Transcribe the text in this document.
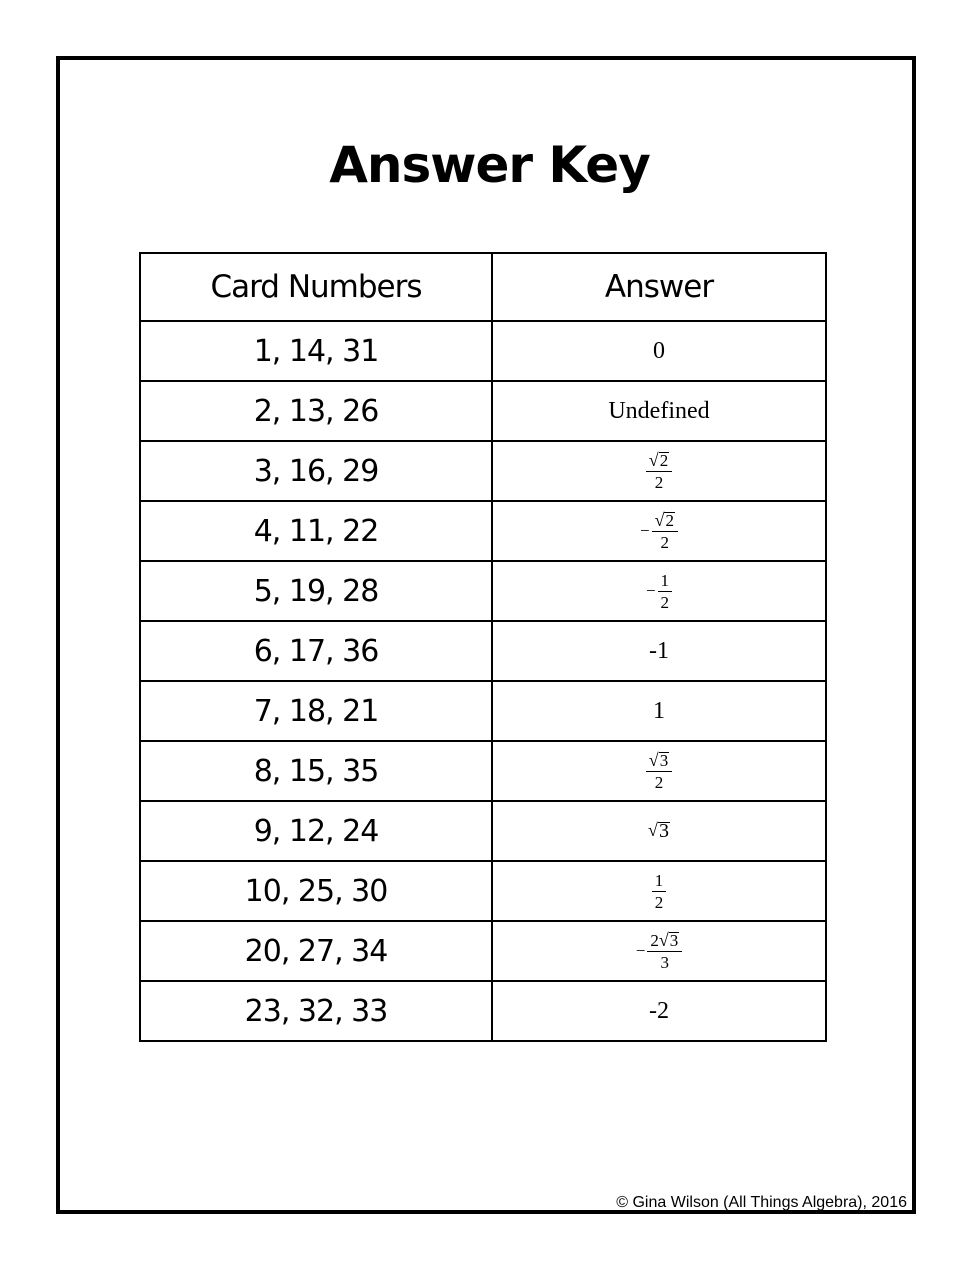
Answer Key
Card Numbers	Answer
1, 14, 31	0
2, 13, 26	Undefined
3, 16, 29	$\frac{√ 2}{2}$

4, 11, 22	− $\frac{√ 2}{2}$

5, 19, 28	− $\frac{1}{2}$

6, 17, 36	-1
7, 18, 21	1
8, 15, 35	$\frac{√ 3}{2}$

9, 12, 24	√ 3

10, 25, 30	$\frac{1}{2}$

20, 27, 34	− $\frac{2 √ 3}{3}$

23, 32, 33	-2
© Gina Wilson (All Things Algebra), 2016
